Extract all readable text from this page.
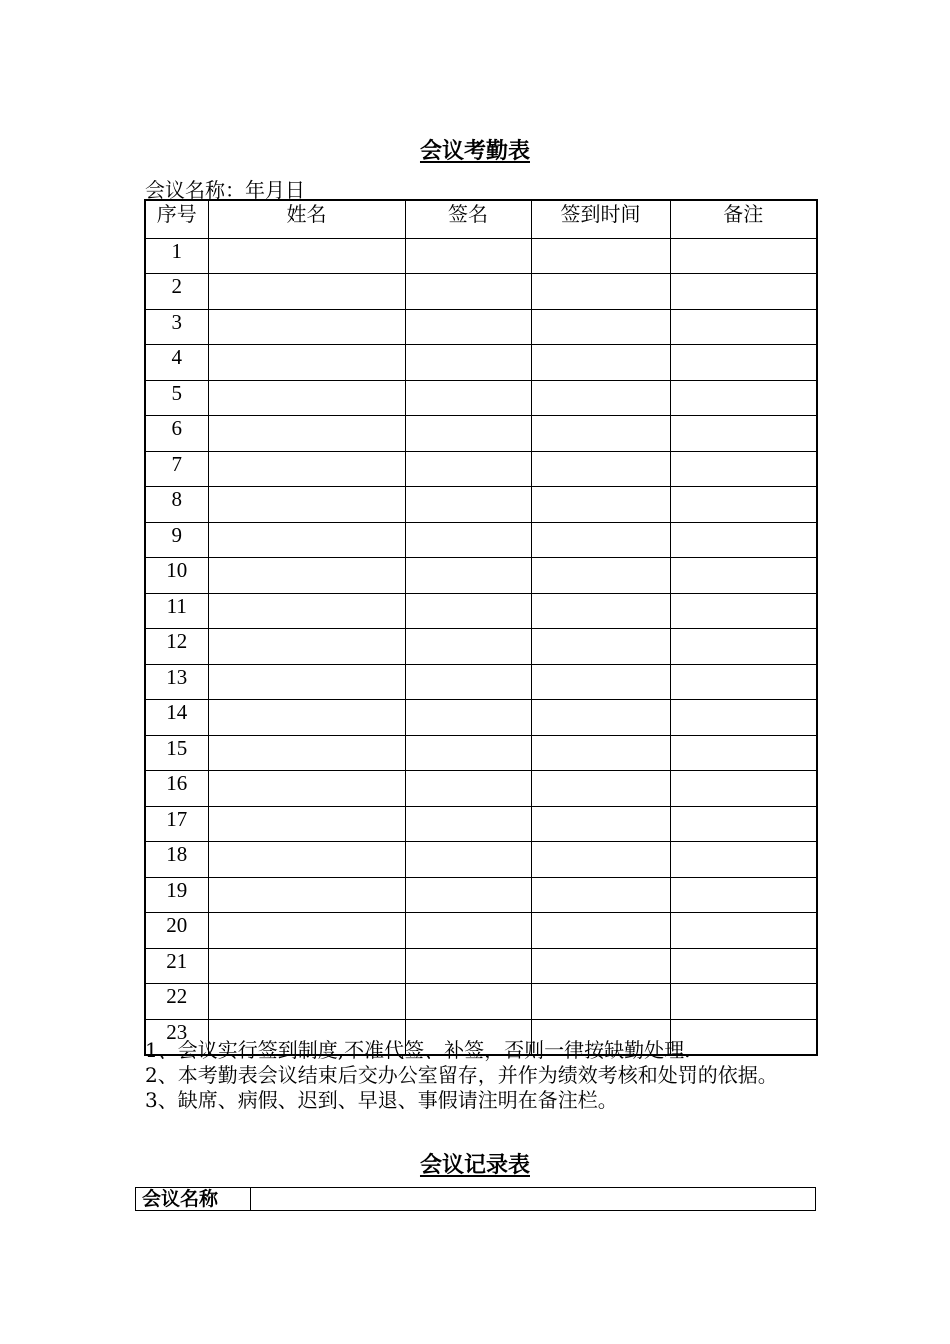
会议考勤表
会议名称：年月日
序号	姓名	签名	签到时间	备注
1				
2				
3				
4				
5				
6				
7				
8				
9				
10				
11				
12				
13				
14				
15				
16				
17				
18				
19				
20				
21				
22				
23				

1、会议实行签到制度,不准代签、补签，否则一律按缺勤处理.

2、本考勤表会议结束后交办公室留存，并作为绩效考核和处罚的依据。

3、缺席、病假、迟到、早退、事假请注明在备注栏。

会议记录表
会议名称	
